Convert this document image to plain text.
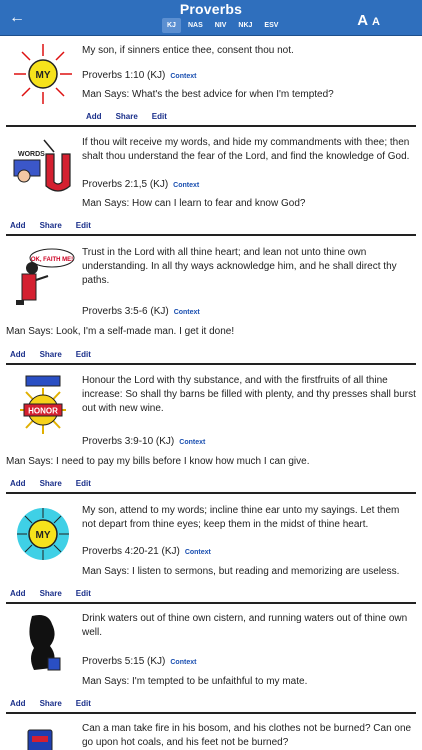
←	Proverbs
KJ	NAS	NIV	NKJ	ESV	A A
MY
My son, if sinners entice thee, consent thou not.
Proverbs 1:10 (KJ) Context
Man Says: What's the best advice for when I'm tempted?
Add Share Edit
WORDS
If thou wilt receive my words, and hide my commandments with thee; then shalt thou understand the fear of the Lord, and find the knowledge of God.
Proverbs 2:1,5 (KJ) Context
Man Says: How can I learn to fear and know God?
Add Share Edit
OK, FAITH ME!
Trust in the Lord with all thine heart; and lean not unto thine own understanding. In all thy ways acknowledge him, and he shall direct thy paths.
Proverbs 3:5-6 (KJ) Context
Man Says: Look, I'm a self-made man. I get it done!
Add Share Edit
HONOR
Honour the Lord with thy substance, and with the firstfruits of all thine increase: So shall thy barns be filled with plenty, and thy presses shall burst out with new wine.
Proverbs 3:9-10 (KJ) Context
Man Says: I need to pay my bills before I know how much I can give.
Add Share Edit
MY
My son, attend to my words; incline thine ear unto my sayings. Let them not depart from thine eyes; keep them in the midst of thine heart.
Proverbs 4:20-21 (KJ) Context
Man Says: I listen to sermons, but reading and memorizing are useless.
Add Share Edit
Drink waters out of thine own cistern, and running waters out of thine own well.
Proverbs 5:15 (KJ) Context
Man Says: I'm tempted to be unfaithful to my mate.
Add Share Edit
Can a man take fire in his bosom, and his clothes not be burned? Can one go upon hot coals, and his feet not be burned?
